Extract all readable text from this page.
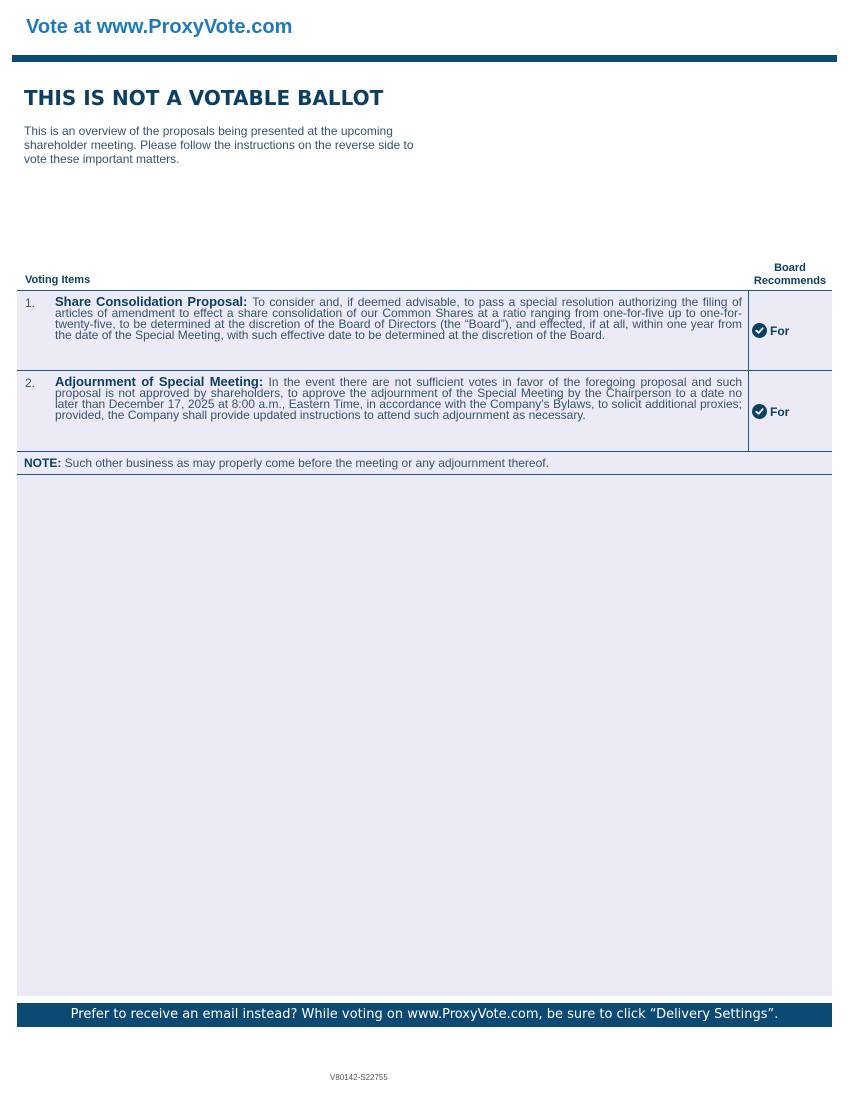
Vote at www.ProxyVote.com
THIS IS NOT A VOTABLE BALLOT

This is an overview of the proposals being presented at the upcoming shareholder meeting. Please follow the instructions on the reverse side to vote these important matters.

Voting Items
Board Recommends
1. Share Consolidation Proposal: To consider and, if deemed advisable, to pass a special resolution authorizing the filing of articles of amendment to effect a share consolidation of our Common Shares at a ratio ranging from one-for-five up to one-for-twenty-five, to be determined at the discretion of the Board of Directors (the “Board”), and effected, if at all, within one year from the date of the Special Meeting, with such effective date to be determined at the discretion of the Board.	For
2. Adjournment of Special Meeting: In the event there are not sufficient votes in favor of the foregoing proposal and such proposal is not approved by shareholders, to approve the adjournment of the Special Meeting by the Chairperson to a date no later than December 17, 2025 at 8:00 a.m., Eastern Time, in accordance with the Company's Bylaws, to solicit additional proxies; provided, the Company shall provide updated instructions to attend such adjournment as necessary.	For
NOTE: Such other business as may properly come before the meeting or any adjournment thereof.
Prefer to receive an email instead? While voting on www.ProxyVote.com, be sure to click “Delivery Settings”.
V80142-S22755
